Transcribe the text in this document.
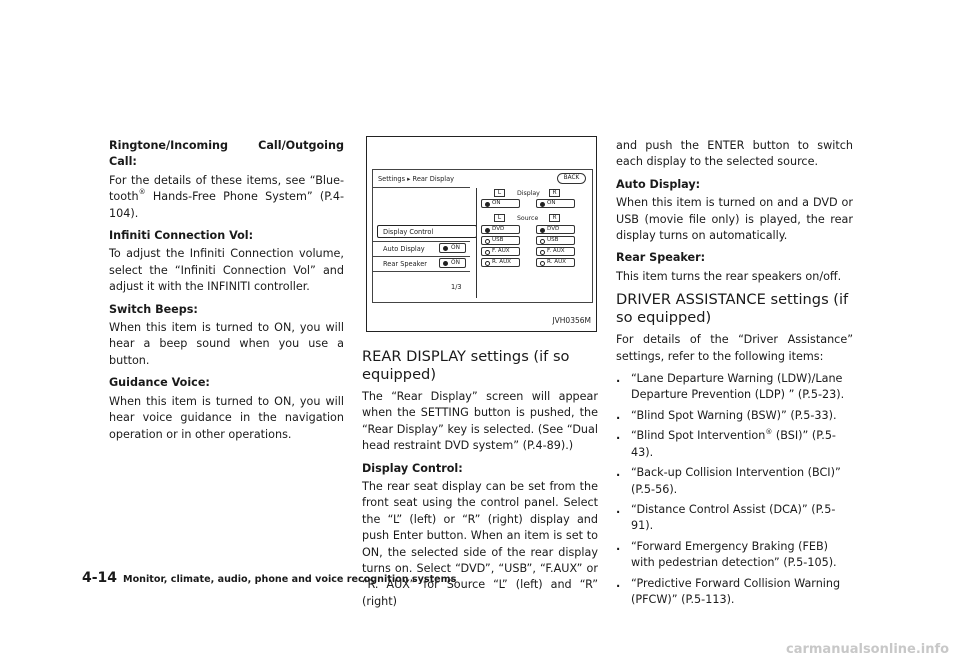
Ringtone/Incoming Call/Outgoing Call:

For the details of these items, see “Blue- tooth® Hands-Free Phone System” (P.4- 104).

Infiniti Connection Vol:

To adjust the Infiniti Connection volume, select the “Infiniti Connection Vol” and adjust it with the INFINITI controller.

Switch Beeps:

When this item is turned to ON, you will hear a beep sound when you use a button.

Guidance Voice:

When this item is turned to ON, you will hear voice guidance in the navigation operation or in other operations.

Settings ▸ Rear Display	BACK
Display Control
Auto Display	ON
Rear Speaker	ON
1/3
L	Display	R
ON	ON
L	Source	R
DVD
USB
F. AUX
R. AUX
DVD
USB
F. AUX
R. AUX
JVH0356M
REAR DISPLAY settings (if so equipped)

The “Rear Display” screen will appear when the SETTING button is pushed, the “Rear Display” key is selected. (See “Dual head restraint DVD system” (P.4-89).)

Display Control:

The rear seat display can be set from the front seat using the control panel. Select the “L” (left) or “R” (right) display and push Enter button. When an item is set to ON, the selected side of the rear display turns on. Select “DVD”, “USB”, “F.AUX” or “R. AUX” for Source “L” (left) and “R” (right)

and push the ENTER button to switch each display to the selected source.

Auto Display:

When this item is turned on and a DVD or USB (movie file only) is played, the rear display turns on automatically.

Rear Speaker:

This item turns the rear speakers on/off.

DRIVER ASSISTANCE settings (if so equipped)

For details of the “Driver Assistance” settings, refer to the following items:

. “Lane Departure Warning (LDW)/Lane Departure Prevention (LDP) ” (P.5-23).
. “Blind Spot Warning (BSW)” (P.5-33).
. “Blind Spot Intervention® (BSI)” (P.5- 43).
. “Back-up Collision Intervention (BCI)” (P.5-56).
. “Distance Control Assist (DCA)” (P.5- 91).
. “Forward Emergency Braking (FEB) with pedestrian detection” (P.5-105).
. “Predictive Forward Collision Warning (PFCW)” (P.5-113).
4-14 Monitor, climate, audio, phone and voice recognition systems
carmanualsonline.info
